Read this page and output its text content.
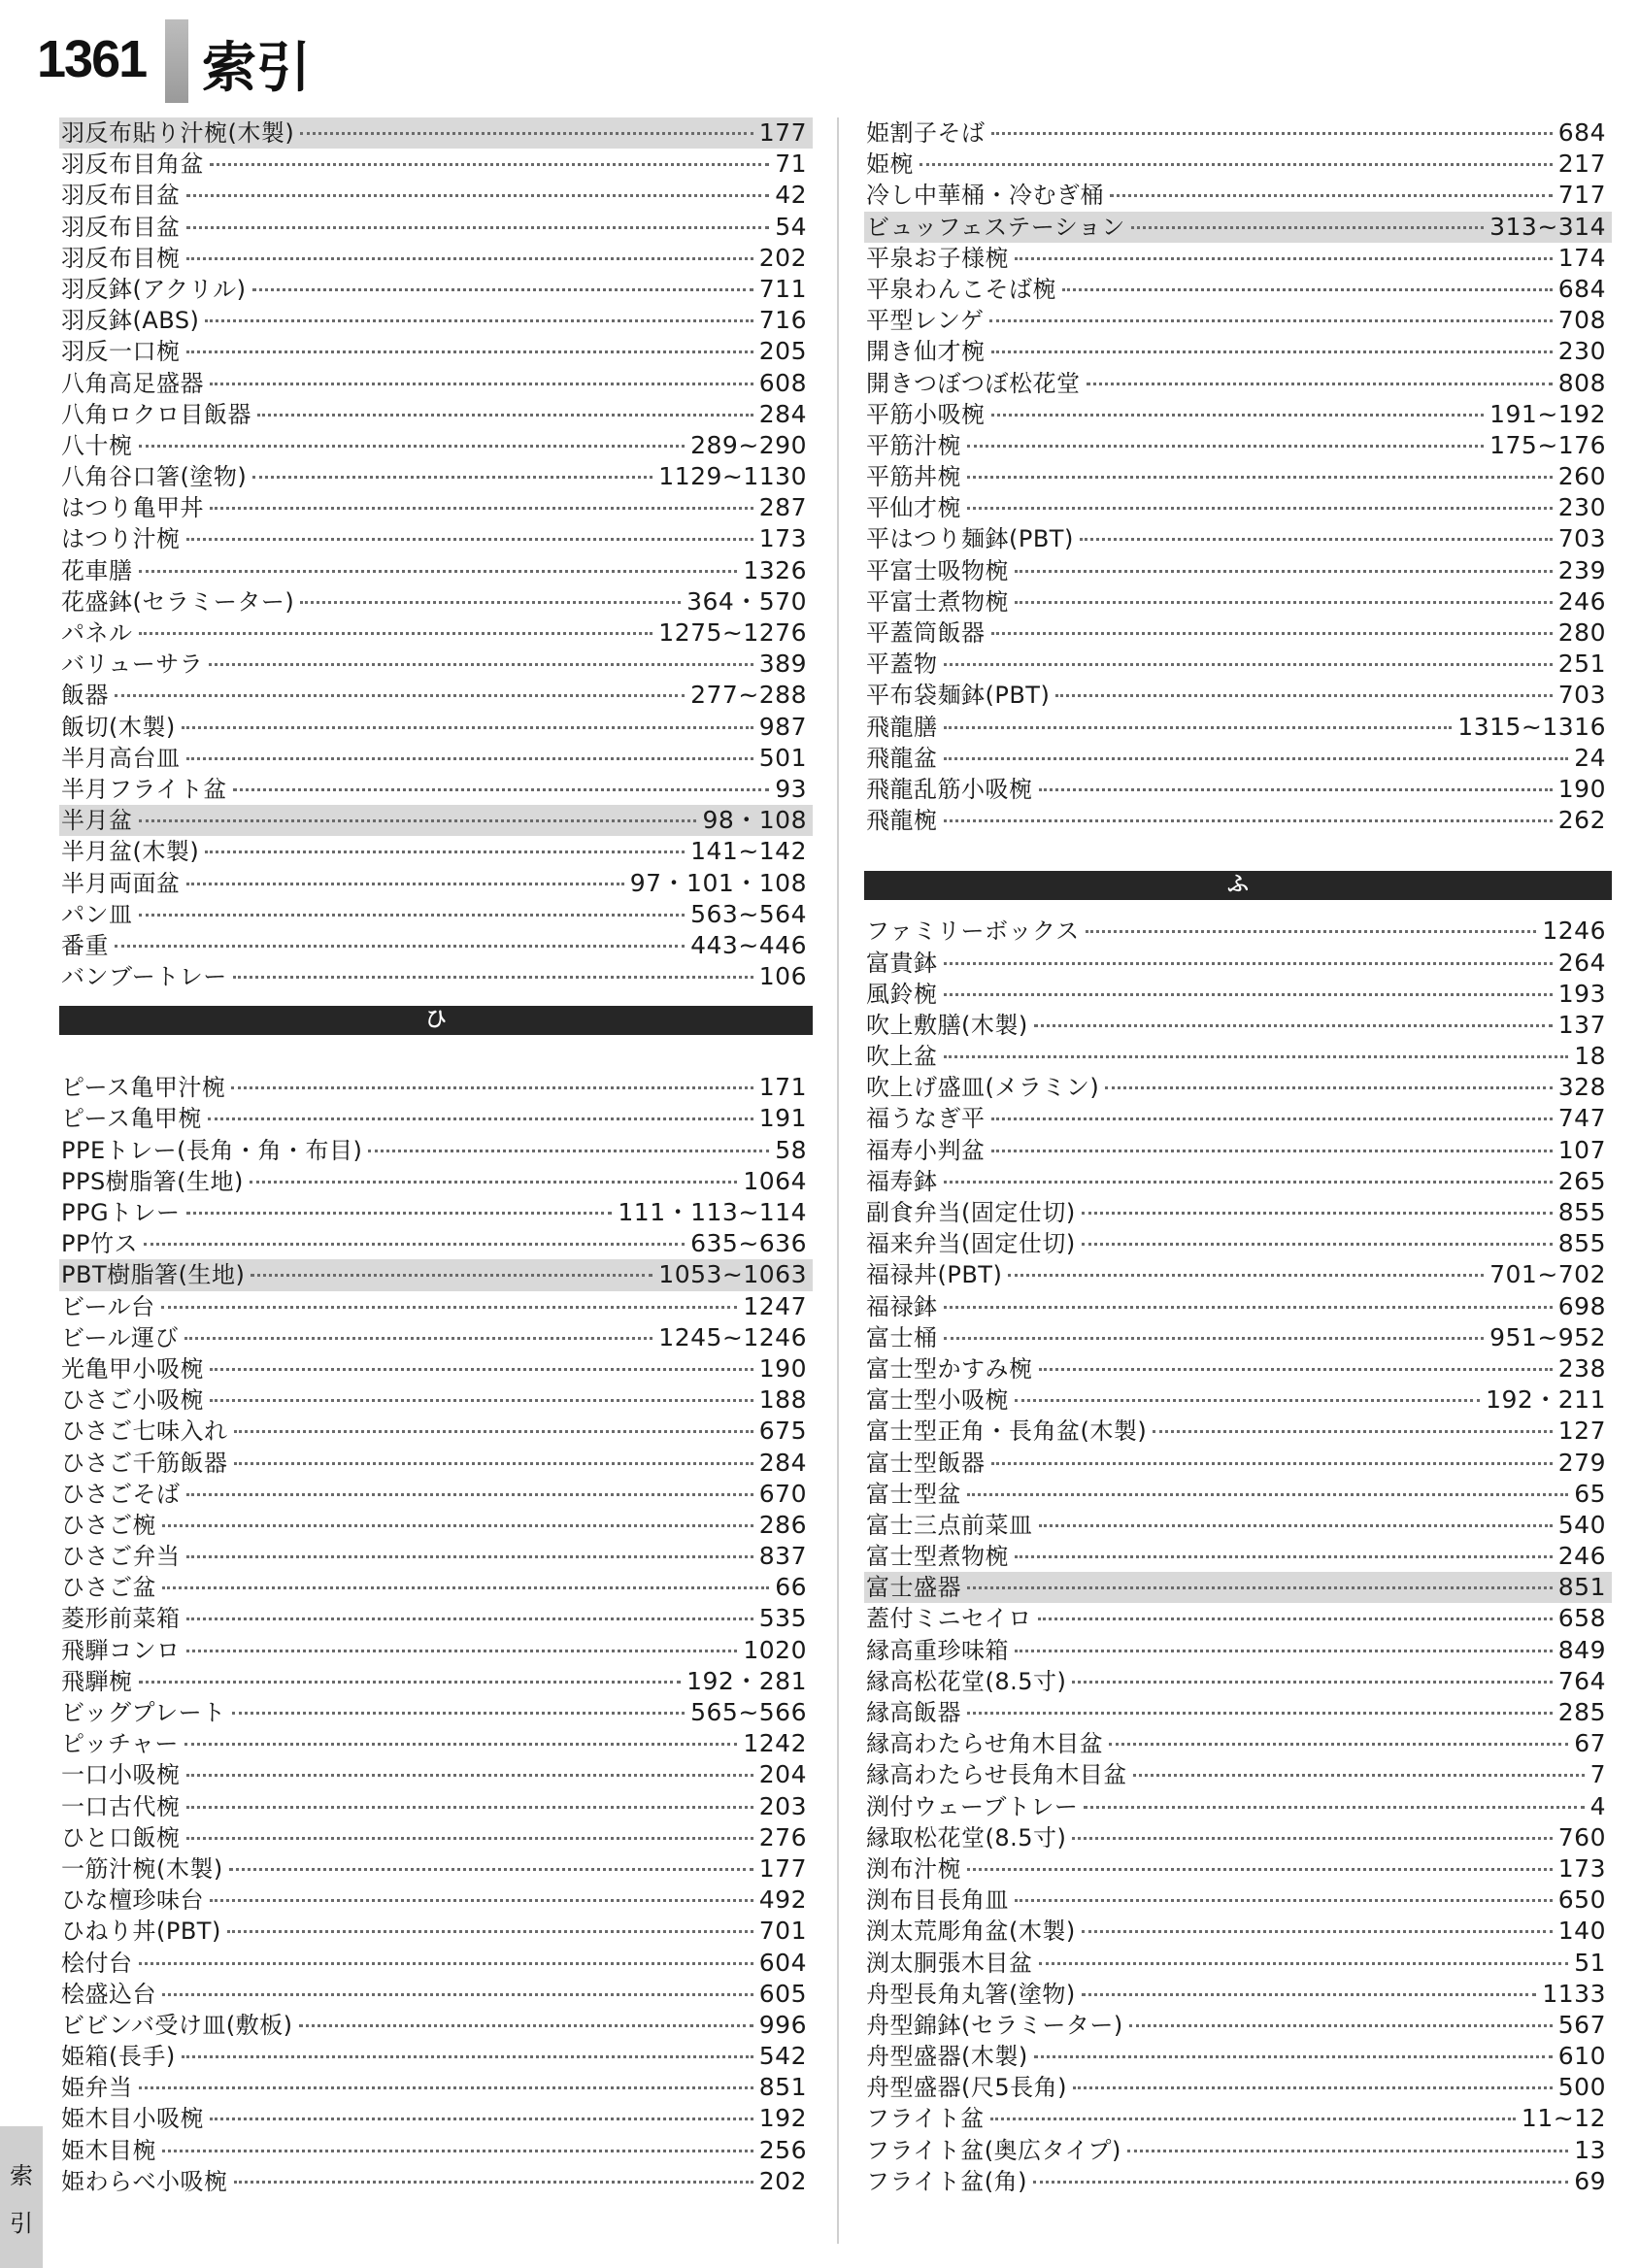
1361 索引
羽反布貼り汁椀(木製)	177
羽反布目角盆	71
羽反布目盆	42
羽反布目盆	54
羽反布目椀	202
羽反鉢(アクリル)	711
羽反鉢(ABS)	716
羽反一口椀	205
八角高足盛器	608
八角ロクロ目飯器	284
八十椀	289~290
八角谷口箸(塗物)	1129~1130
はつり亀甲丼	287
はつり汁椀	173
花車膳	1326
花盛鉢(セラミーター)	364・570
パネル	1275~1276
バリューサラ	389
飯器	277~288
飯切(木製)	987
半月高台皿	501
半月フライト盆	93
半月盆	98・108
半月盆(木製)	141~142
半月両面盆	97・101・108
パン皿	563~564
番重	443~446
バンブートレー	106
ひ
ピース亀甲汁椀	171
ピース亀甲椀	191
PPEトレー(長角・角・布目)	58
PPS樹脂箸(生地)	1064
PPGトレー	111・113~114
PP竹ス	635~636
PBT樹脂箸(生地)	1053~1063
ビール台	1247
ビール運び	1245~1246
光亀甲小吸椀	190
ひさご小吸椀	188
ひさご七味入れ	675
ひさご千筋飯器	284
ひさごそば	670
ひさご椀	286
ひさご弁当	837
ひさご盆	66
菱形前菜箱	535
飛騨コンロ	1020
飛騨椀	192・281
ビッグプレート	565~566
ピッチャー	1242
一口小吸椀	204
一口古代椀	203
ひと口飯椀	276
一筋汁椀(木製)	177
ひな檀珍味台	492
ひねり丼(PBT)	701
桧付台	604
桧盛込台	605
ビビンバ受け皿(敷板)	996
姫箱(長手)	542
姫弁当	851
姫木目小吸椀	192
姫木目椀	256
姫わらべ小吸椀	202
姫割子そば	684
姫椀	217
冷し中華桶・冷むぎ桶	717
ビュッフェステーション	313~314
平泉お子様椀	174
平泉わんこそば椀	684
平型レンゲ	708
開き仙才椀	230
開きつぼつぼ松花堂	808
平筋小吸椀	191~192
平筋汁椀	175~176
平筋丼椀	260
平仙才椀	230
平はつり麺鉢(PBT)	703
平富士吸物椀	239
平富士煮物椀	246
平蓋筒飯器	280
平蓋物	251
平布袋麺鉢(PBT)	703
飛龍膳	1315~1316
飛龍盆	24
飛龍乱筋小吸椀	190
飛龍椀	262
ふ
ファミリーボックス	1246
富貴鉢	264
風鈴椀	193
吹上敷膳(木製)	137
吹上盆	18
吹上げ盛皿(メラミン)	328
福うなぎ平	747
福寿小判盆	107
福寿鉢	265
副食弁当(固定仕切)	855
福来弁当(固定仕切)	855
福禄丼(PBT)	701~702
福禄鉢	698
富士桶	951~952
富士型かすみ椀	238
富士型小吸椀	192・211
富士型正角・長角盆(木製)	127
富士型飯器	279
富士型盆	65
富士三点前菜皿	540
富士型煮物椀	246
富士盛器	851
蓋付ミニセイロ	658
縁高重珍味箱	849
縁高松花堂(8.5寸)	764
縁高飯器	285
縁高わたらせ角木目盆	67
縁高わたらせ長角木目盆	7
渕付ウェーブトレー	4
縁取松花堂(8.5寸)	760
渕布汁椀	173
渕布目長角皿	650
渕太荒彫角盆(木製)	140
渕太胴張木目盆	51
舟型長角丸箸(塗物)	1133
舟型錦鉢(セラミーター)	567
舟型盛器(木製)	610
舟型盛器(尺5長角)	500
フライト盆	11~12
フライト盆(奥広タイプ)	13
フライト盆(角)	69
索
引
